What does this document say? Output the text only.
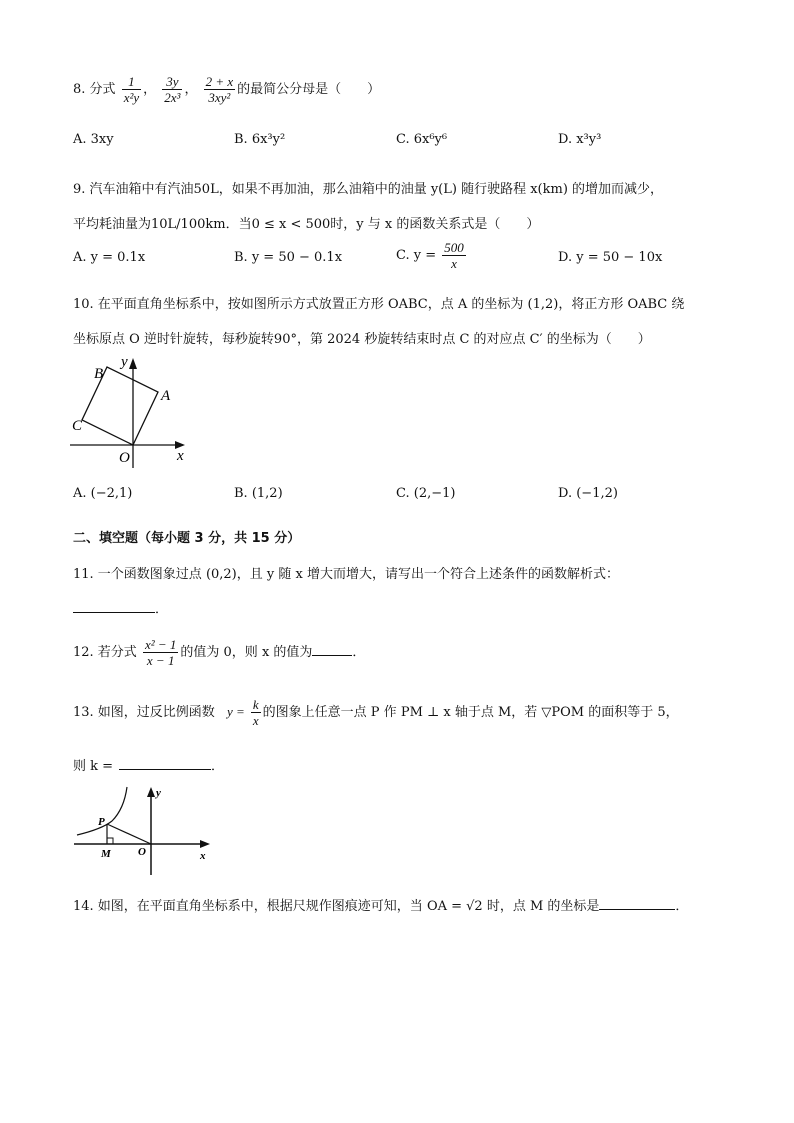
8. 分式 $\frac{1}{\text{x²y}}$ ， $\frac{3y}{\text{2x³}}$ ， $\frac{2 + x}{\text{3xy²}}$ 的最简公分母是（　　）
A. 3xy	B. 6x³y²	C. 6x⁶y⁶	D. x³y³
9. 汽车油箱中有汽油50L，如果不再加油，那么油箱中的油量 y(L) 随行驶路程 x(km) 的增加而减少，
平均耗油量为10L/100km．当0 ≤ x < 500时，y 与 x 的函数关系式是（　　）
A. y = 0.1x	B. y = 50 − 0.1x	C. $y = \frac{500}{x}$	D. y = 50 − 10x
10. 在平面直角坐标系中，按如图所示方式放置正方形 OABC，点 A 的坐标为 (1,2)，将正方形 OABC 绕
坐标原点 O 逆时针旋转，每秒旋转90°，第 2024 秒旋转结束时点 C 的对应点 C′ 的坐标为（　　）
y
x
O
A
B
C
A. (−2,1)	B. (1,2)	C. (2,−1)	D. (−1,2)
二、填空题（每小题 3 分，共 15 分）
11. 一个函数图象过点 (0,2)，且 y 随 x 增大而增大，请写出一个符合上述条件的函数解析式：
．
12. 若分式 $\frac{\text{x² − 1}}{x - 1}$ 的值为 0，则 x 的值为	．
13. 如图，过反比例函数 $y = \frac{k}{x}$ 的图象上任意一点 P 作 PM ⊥ x 轴于点 M，若 ▽POM 的面积等于 5，
则 k =	．
y
x
P
M O
14. 如图，在平面直角坐标系中，根据尺规作图痕迹可知，当 OA = √2 时，点 M 的坐标是	．
